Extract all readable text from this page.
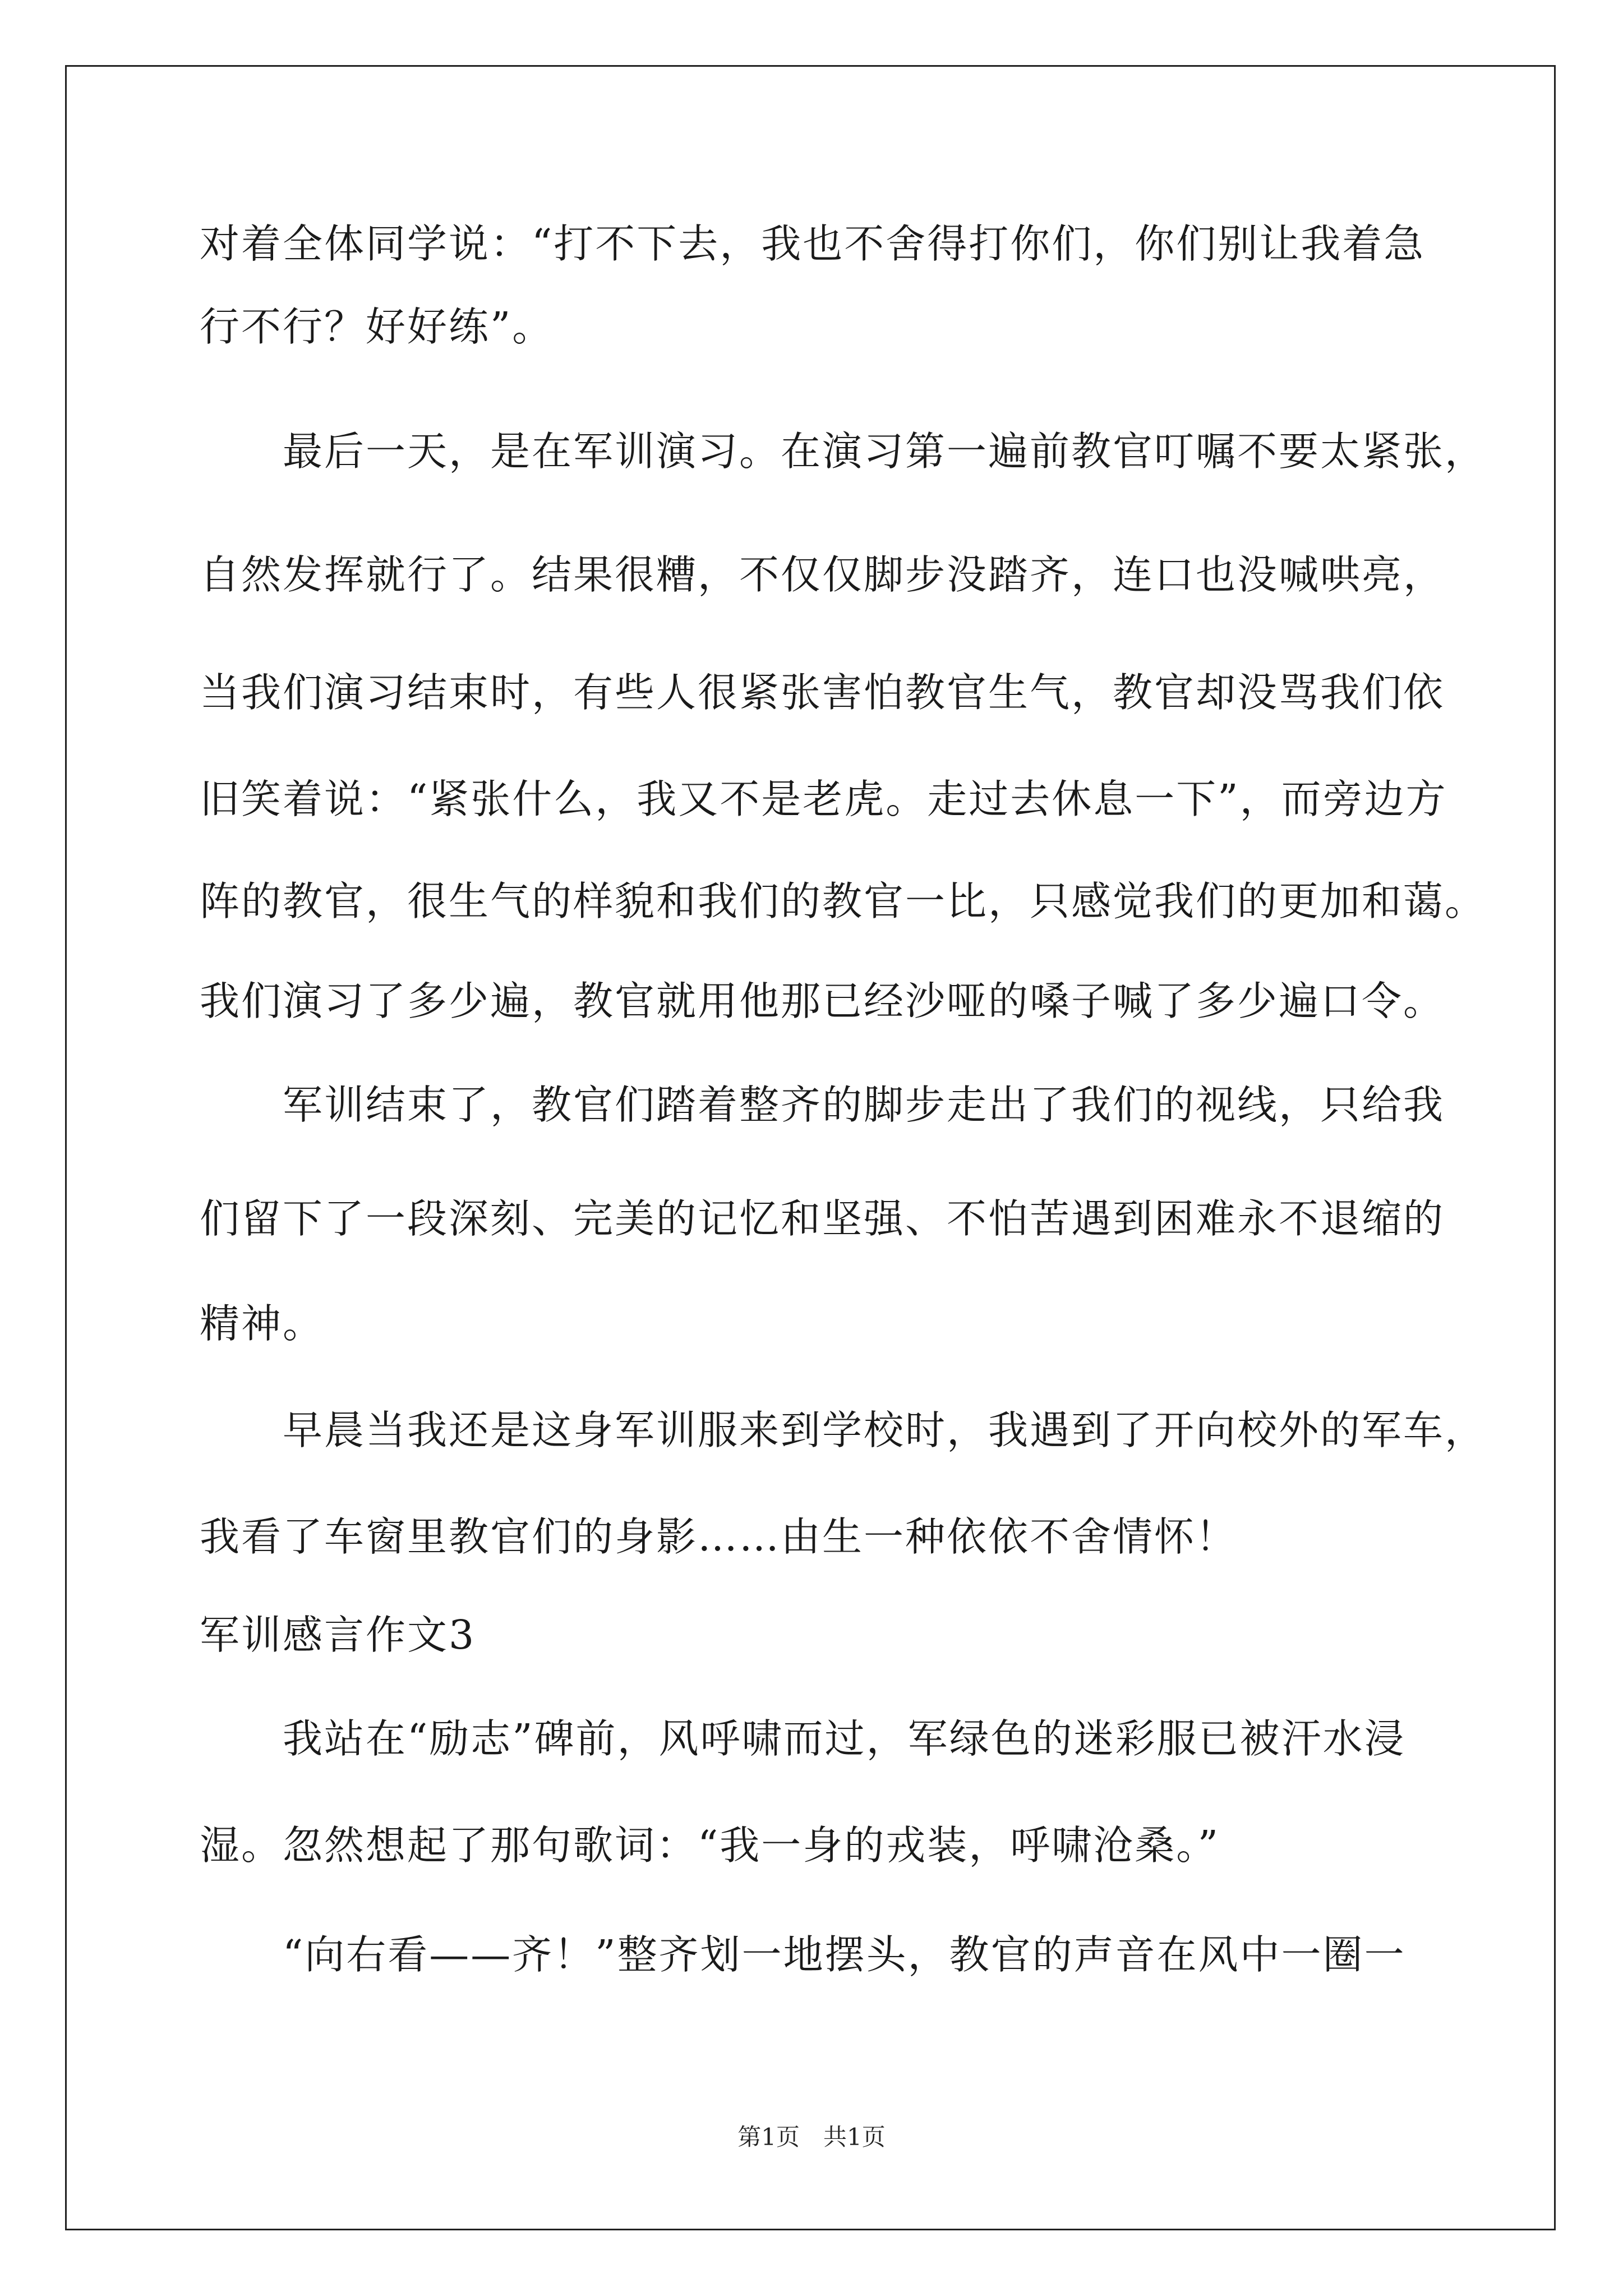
对着全体同学说：“打不下去，我也不舍得打你们，你们别让我着急
行不行？好好练”。
　　最后一天，是在军训演习。在演习第一遍前教官叮嘱不要太紧张，
自然发挥就行了。结果很糟，不仅仅脚步没踏齐，连口也没喊哄亮，
当我们演习结束时，有些人很紧张害怕教官生气，教官却没骂我们依
旧笑着说：“紧张什么，我又不是老虎。走过去休息一下”，而旁边方
阵的教官，很生气的样貌和我们的教官一比，只感觉我们的更加和蔼。
我们演习了多少遍，教官就用他那已经沙哑的嗓子喊了多少遍口令。
　　军训结束了，教官们踏着整齐的脚步走出了我们的视线，只给我
们留下了一段深刻、完美的记忆和坚强、不怕苦遇到困难永不退缩的
精神。
　　早晨当我还是这身军训服来到学校时，我遇到了开向校外的军车，
我看了车窗里教官们的身影……由生一种依依不舍情怀！
军训感言作文3
　　我站在“励志”碑前，风呼啸而过，军绿色的迷彩服已被汗水浸
湿。忽然想起了那句歌词：“我一身的戎装，呼啸沧桑。”
　　“向右看——齐！”整齐划一地摆头，教官的声音在风中一圈一
第1页　共1页
